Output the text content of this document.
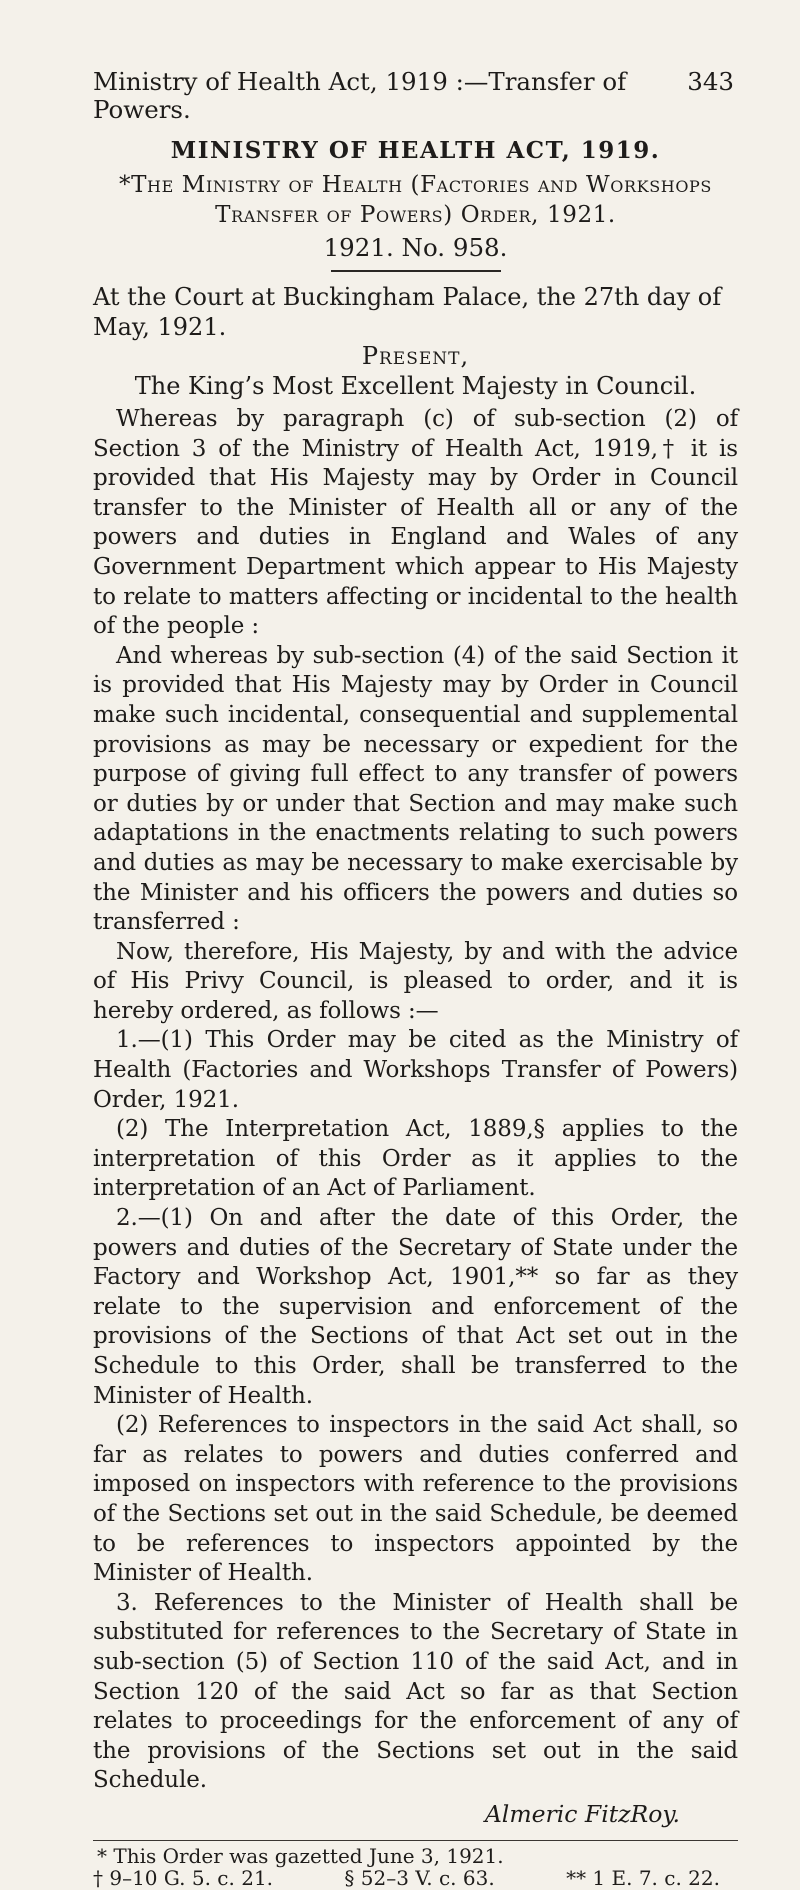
Ministry of Health Act, 1919 :—Transfer of Powers.
343
MINISTRY OF HEALTH ACT, 1919.
*The Ministry of Health (Factories and Workshops Transfer of Powers) Order, 1921.
1921. No. 958.
At the Court at Buckingham Palace, the 27th day of May, 1921.
Present,
The King’s Most Excellent Majesty in Council.

Whereas by paragraph (c) of sub-section (2) of Section 3 of the Ministry of Health Act, 1919,† it is provided that His Majesty may by Order in Council transfer to the Minister of Health all or any of the powers and duties in England and Wales of any Government Department which appear to His Majesty to relate to matters affecting or incidental to the health of the people :

And whereas by sub-section (4) of the said Section it is provided that His Majesty may by Order in Council make such incidental, consequential and supplemental provisions as may be necessary or expedient for the purpose of giving full effect to any transfer of powers or duties by or under that Section and may make such adaptations in the enactments relating to such powers and duties as may be necessary to make exercisable by the Minister and his officers the powers and duties so transferred :

Now, therefore, His Majesty, by and with the advice of His Privy Council, is pleased to order, and it is hereby ordered, as follows :—

1.—(1) This Order may be cited as the Ministry of Health (Factories and Workshops Transfer of Powers) Order, 1921.

(2) The Interpretation Act, 1889,§ applies to the interpretation of this Order as it applies to the interpretation of an Act of Parliament.

2.—(1) On and after the date of this Order, the powers and duties of the Secretary of State under the Factory and Workshop Act, 1901,** so far as they relate to the supervision and enforcement of the provisions of the Sections of that Act set out in the Schedule to this Order, shall be transferred to the Minister of Health.

(2) References to inspectors in the said Act shall, so far as relates to powers and duties conferred and imposed on inspectors with reference to the provisions of the Sections set out in the said Schedule, be deemed to be references to inspectors appointed by the Minister of Health.

3. References to the Minister of Health shall be substituted for references to the Secretary of State in sub-section (5) of Section 110 of the said Act, and in Section 120 of the said Act so far as that Section relates to proceedings for the enforcement of any of the provisions of the Sections set out in the said Schedule.

Almeric FitzRoy.
* This Order was gazetted June 3, 1921.
† 9–10 G. 5. c. 21.	§ 52–3 V. c. 63.	** 1 E. 7. c. 22.
